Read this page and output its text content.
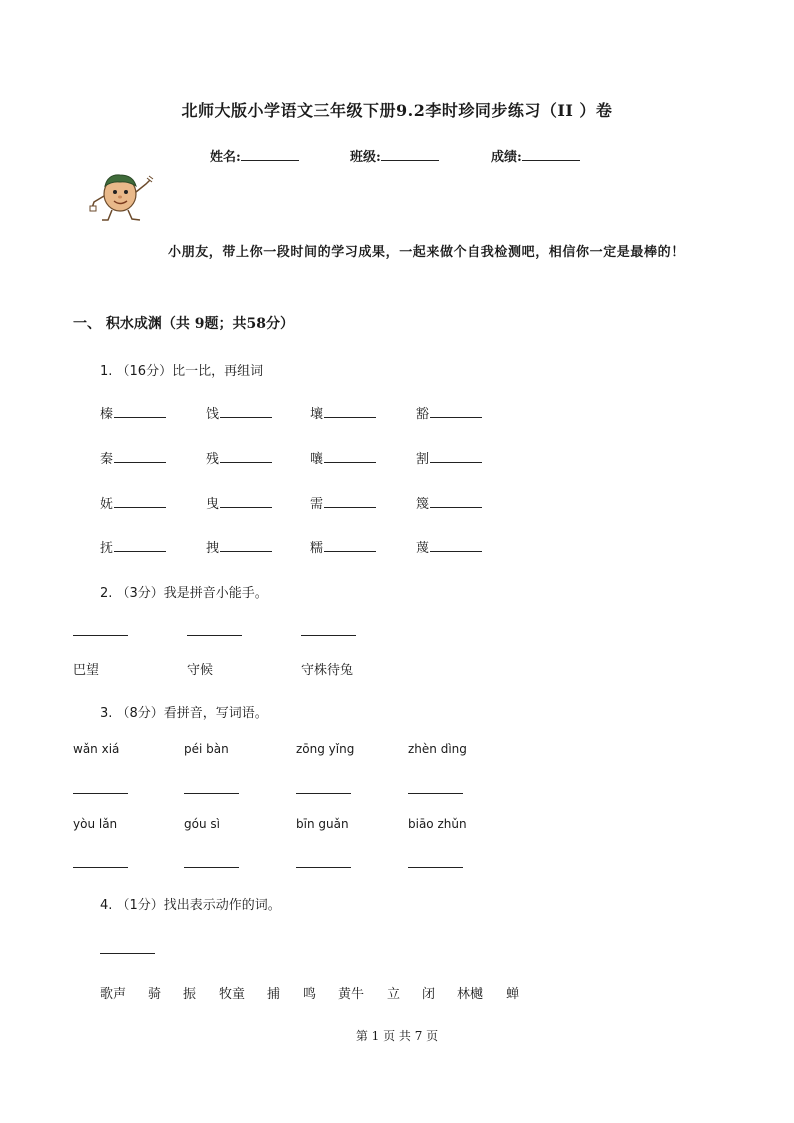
北师大版小学语文三年级下册9.2李时珍同步练习（II ）卷
姓名:	班级:	成绩:
小朋友，带上你一段时间的学习成果，一起来做个自我检测吧，相信你一定是最棒的！
一、 积水成渊（共 9题；共58分）
1. （16分）比一比，再组词
榛	饯	壤	豁
秦	残	嚷	割
妩	曳	需	篾
抚	拽	糯	蔑
2. （3分）我是拼音小能手。
巴望	守候	守株待兔
3. （8分）看拼音，写词语。
wǎn xiá	péi bàn	zōng yǐng	zhèn dìng
yòu lǎn	góu sì	bīn guǎn	biāo zhǔn
4. （1分）找出表示动作的词。
歌声 骑 振 牧童 捕 鸣 黄牛 立 闭 林樾 蝉
第 1 页 共 7 页
